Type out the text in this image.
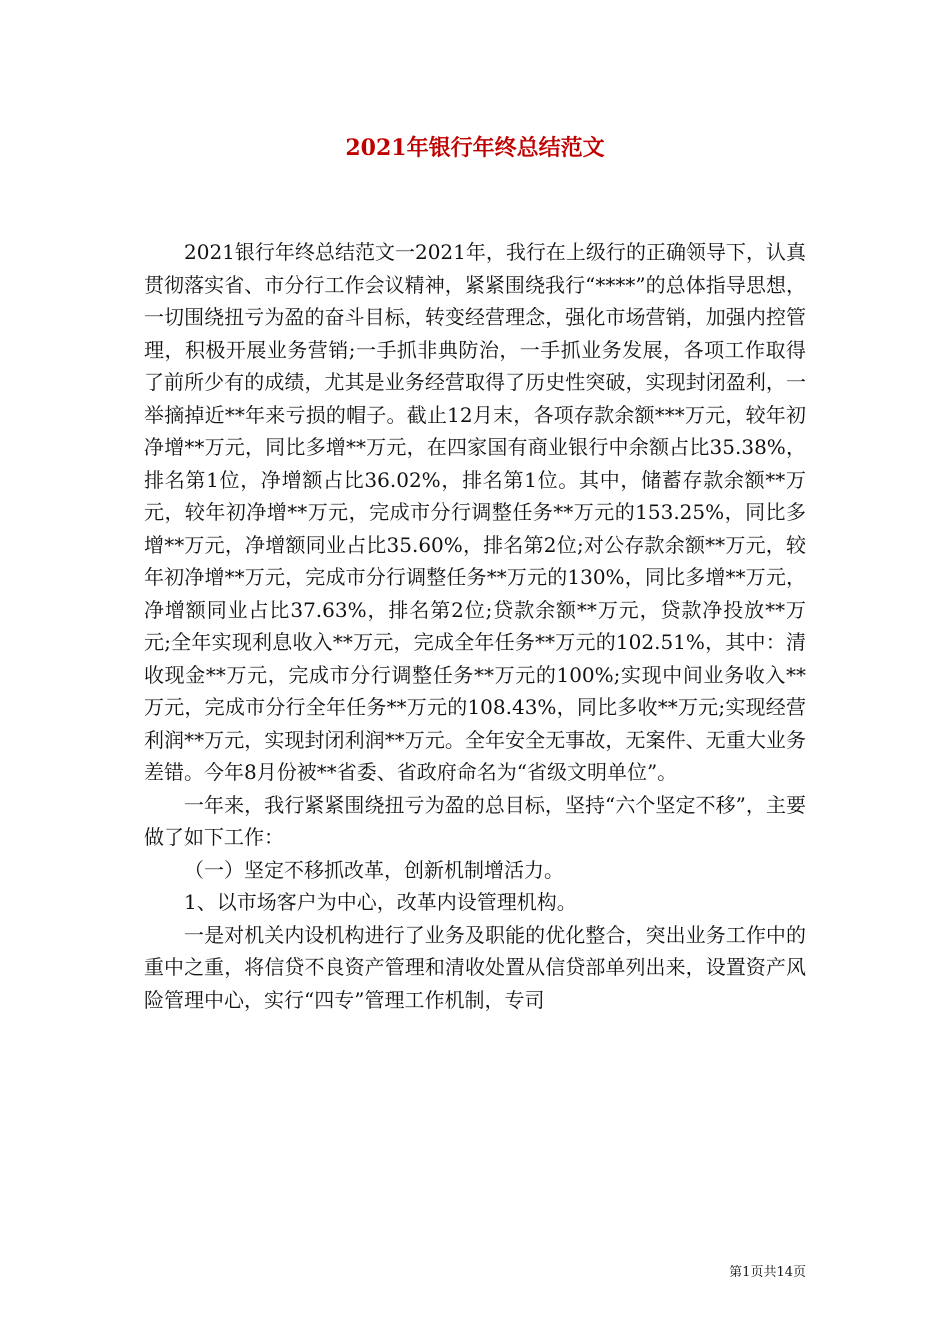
2021年银行年终总结范文

2021银行年终总结范文一2021年，我行在上级行的正确领导下，认真贯彻落实省、市分行工作会议精神，紧紧围绕我行“****”的总体指导思想，一切围绕扭亏为盈的奋斗目标，转变经营理念，强化市场营销，加强内控管理，积极开展业务营销;一手抓非典防治，一手抓业务发展，各项工作取得了前所少有的成绩，尤其是业务经营取得了历史性突破，实现封闭盈利，一举摘掉近**年来亏损的帽子。截止12月末，各项存款余额***万元，较年初净增**万元，同比多增**万元，在四家国有商业银行中余额占比35.38%，排名第1位，净增额占比36.02%，排名第1位。其中，储蓄存款余额**万元，较年初净增**万元，完成市分行调整任务**万元的153.25%，同比多增**万元，净增额同业占比35.60%，排名第2位;对公存款余额**万元，较年初净增**万元，完成市分行调整任务**万元的130%，同比多增**万元，净增额同业占比37.63%，排名第2位;贷款余额**万元，贷款净投放**万元;全年实现利息收入**万元，完成全年任务**万元的102.51%，其中：清收现金**万元，完成市分行调整任务**万元的100%;实现中间业务收入**万元，完成市分行全年任务**万元的108.43%，同比多收**万元;实现经营利润**万元，实现封闭利润**万元。全年安全无事故，无案件、无重大业务差错。今年8月份被**省委、省政府命名为“省级文明单位”。

一年来，我行紧紧围绕扭亏为盈的总目标，坚持“六个坚定不移”，主要做了如下工作：

（一）坚定不移抓改革，创新机制增活力。

1、以市场客户为中心，改革内设管理机构。

一是对机关内设机构进行了业务及职能的优化整合，突出业务工作中的重中之重，将信贷不良资产管理和清收处置从信贷部单列出来，设置资产风险管理中心，实行“四专”管理工作机制，专司

第1页共14页
